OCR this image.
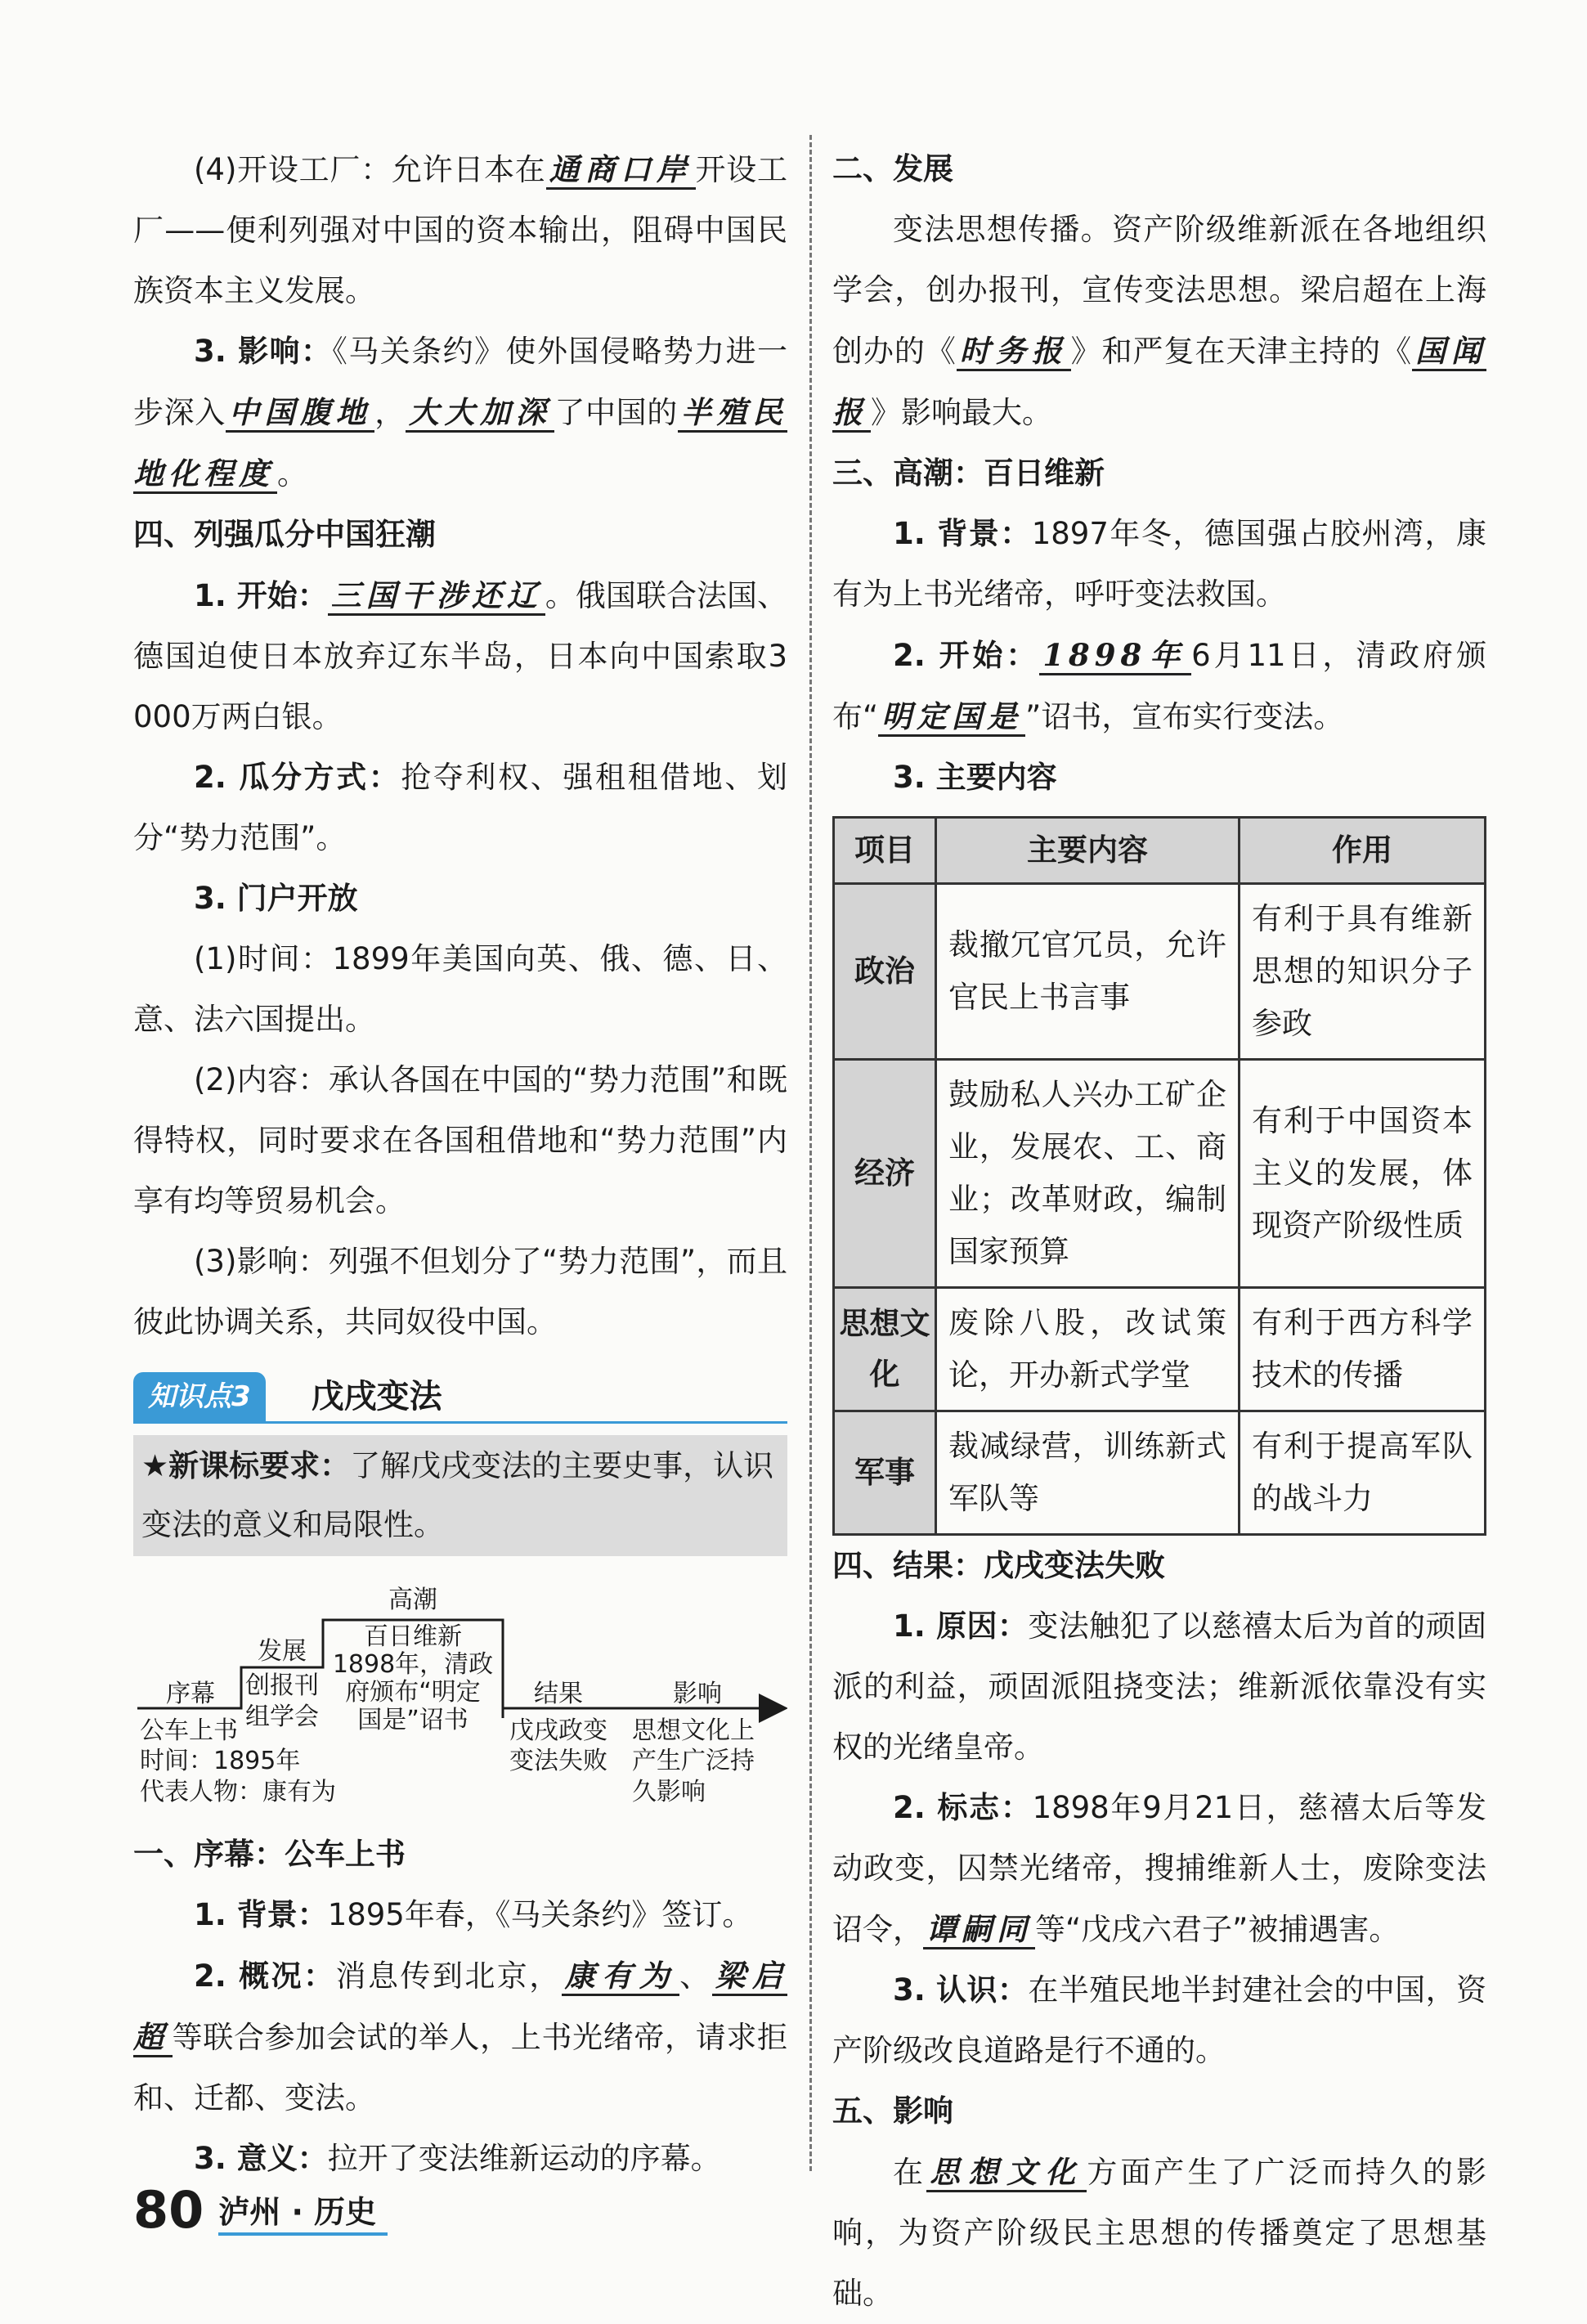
(4)开设工厂：允许日本在 通商口岸 开设工厂——便利列强对中国的资本输出，阻碍中国民族资本主义发展。

3. 影响：《马关条约》使外国侵略势力进一步深入 中国腹地 ， 大大加深 了中国的 半殖民地化程度 。

四、列强瓜分中国狂潮

1. 开始： 三国干涉还辽 。俄国联合法国、德国迫使日本放弃辽东半岛，日本向中国索取3 000万两白银。

2. 瓜分方式：抢夺利权、强租租借地、划分“势力范围”。

3. 门户开放

(1)时间：1899年美国向英、俄、德、日、意、法六国提出。

(2)内容：承认各国在中国的“势力范围”和既得特权，同时要求在各国租借地和“势力范围”内享有均等贸易机会。

(3)影响：列强不但划分了“势力范围”，而且彼此协调关系，共同奴役中国。

知识点3	戊戌变法
★新课标要求：了解戊戌变法的主要史事，认识变法的意义和局限性。
序幕
公车上书
时间：1895年
代表人物：康有为
发展
创报刊
组学会
高潮
百日维新
1898年，清政
府颁布“明定
国是”诏书
结果
戊戌政变
变法失败
影响
思想文化上
产生广泛持
久影响

一、序幕：公车上书

1. 背景：1895年春，《马关条约》签订。

2. 概况：消息传到北京， 康有为 、 梁启超 等联合参加会试的举人，上书光绪帝，请求拒和、迁都、变法。

3. 意义：拉开了变法维新运动的序幕。

二、发展

变法思想传播。资产阶级维新派在各地组织学会，创办报刊，宣传变法思想。梁启超在上海创办的《 时务报 》和严复在天津主持的《 国闻报 》影响最大。

三、高潮：百日维新

1. 背景：1897年冬，德国强占胶州湾，康有为上书光绪帝，呼吁变法救国。

2. 开始： 1898年 6月11日，清政府颁布“ 明定国是 ”诏书，宣布实行变法。

3. 主要内容

项目	主要内容	作用
政治	裁撤冗官冗员，允许官民上书言事	有利于具有维新思想的知识分子参政
经济	鼓励私人兴办工矿企业，发展农、工、商业；改革财政，编制国家预算	有利于中国资本主义的发展，体现资产阶级性质
思想文化	废除八股，改试策论，开办新式学堂	有利于西方科学技术的传播
军事	裁减绿营，训练新式军队等	有利于提高军队的战斗力

四、结果：戊戌变法失败

1. 原因：变法触犯了以慈禧太后为首的顽固派的利益，顽固派阻挠变法；维新派依靠没有实权的光绪皇帝。

2. 标志：1898年9月21日，慈禧太后等发动政变，囚禁光绪帝，搜捕维新人士，废除变法诏令， 谭嗣同 等“戊戌六君子”被捕遇害。

3. 认识：在半殖民地半封建社会的中国，资产阶级改良道路是行不通的。

五、影响

在 思想文化 方面产生了广泛而持久的影响，为资产阶级民主思想的传播奠定了思想基础。

80 泸州 · 历史
